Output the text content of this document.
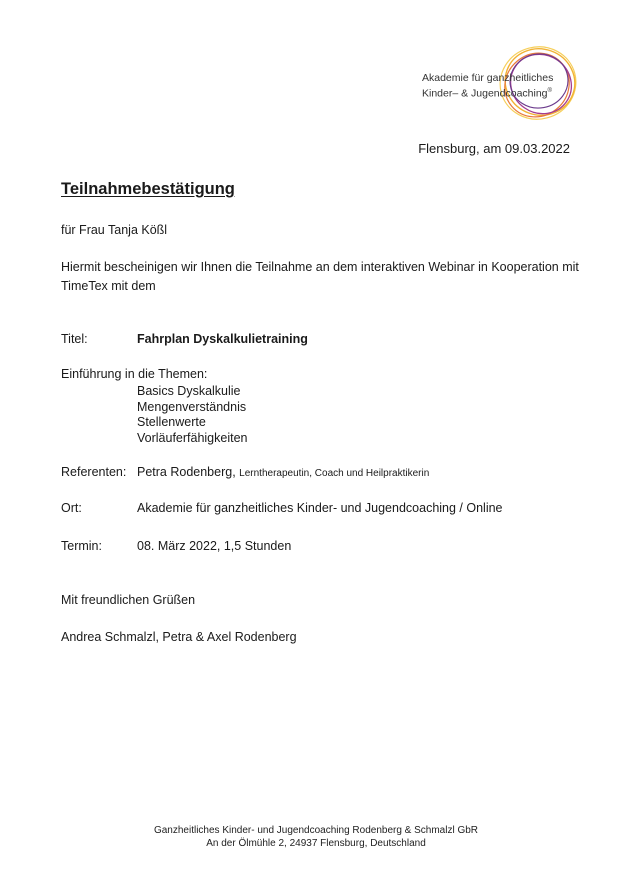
Akademie für ganzheitliches
Kinder– & Jugendcoaching®
Flensburg, am 09.03.2022
Teilnahmebestätigung
für Frau Tanja Kößl
Hiermit bescheinigen wir Ihnen die Teilnahme an dem interaktiven Webinar in Kooperation mit TimeTex mit dem
Titel:	Fahrplan Dyskalkulietraining
Einführung in die Themen:
Basics Dyskalkulie
Mengenverständnis
Stellenwerte
Vorläuferfähigkeiten
Referenten: Petra Rodenberg, Lerntherapeutin, Coach und Heilpraktikerin
Ort:	Akademie für ganzheitliches Kinder- und Jugendcoaching / Online
Termin:	08. März 2022, 1,5 Stunden
Mit freundlichen Grüßen
Andrea Schmalzl, Petra & Axel Rodenberg
Ganzheitliches Kinder- und Jugendcoaching Rodenberg & Schmalzl GbR
An der Ölmühle 2, 24937 Flensburg, Deutschland
